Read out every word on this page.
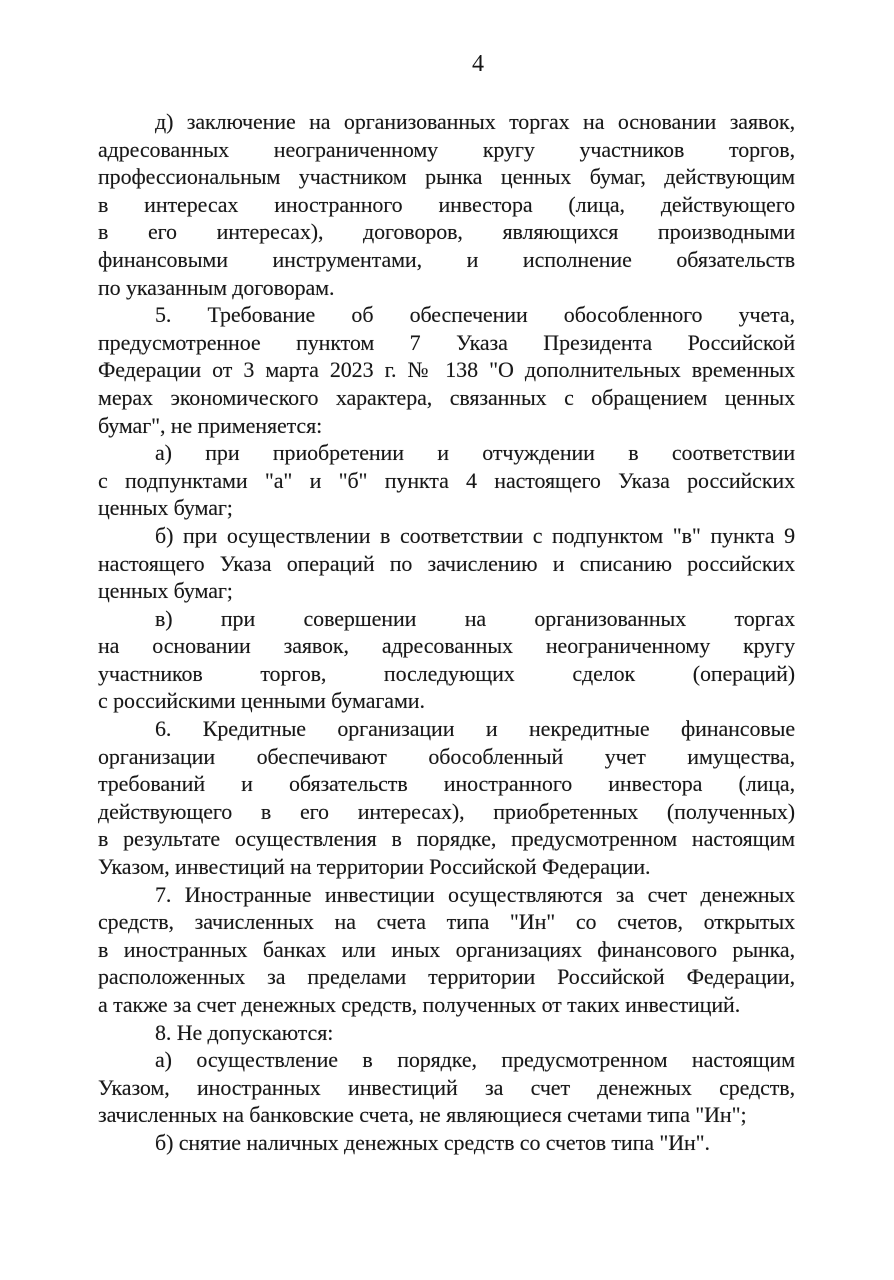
4
д) заключение на организованных торгах на основании заявок,
адресованных неограниченному кругу участников торгов,
профессиональным участником рынка ценных бумаг, действующим
в интересах иностранного инвестора (лица, действующего
в его интересах), договоров, являющихся производными
финансовыми инструментами, и исполнение обязательств
по указанным договорам.
5. Требование об обеспечении обособленного учета,
предусмотренное пунктом 7 Указа Президента Российской
Федерации от 3 марта 2023 г. № 138 "О дополнительных временных
мерах экономического характера, связанных с обращением ценных
бумаг", не применяется:
а) при приобретении и отчуждении в соответствии
с подпунктами "а" и "б" пункта 4 настоящего Указа российских
ценных бумаг;
б) при осуществлении в соответствии с подпунктом "в" пункта 9
настоящего Указа операций по зачислению и списанию российских
ценных бумаг;
в) при совершении на организованных торгах
на основании заявок, адресованных неограниченному кругу
участников торгов, последующих сделок (операций)
с российскими ценными бумагами.
6. Кредитные организации и некредитные финансовые
организации обеспечивают обособленный учет имущества,
требований и обязательств иностранного инвестора (лица,
действующего в его интересах), приобретенных (полученных)
в результате осуществления в порядке, предусмотренном настоящим
Указом, инвестиций на территории Российской Федерации.
7. Иностранные инвестиции осуществляются за счет денежных
средств, зачисленных на счета типа "Ин" со счетов, открытых
в иностранных банках или иных организациях финансового рынка,
расположенных за пределами территории Российской Федерации,
а также за счет денежных средств, полученных от таких инвестиций.
8. Не допускаются:
а) осуществление в порядке, предусмотренном настоящим
Указом, иностранных инвестиций за счет денежных средств,
зачисленных на банковские счета, не являющиеся счетами типа "Ин";
б) снятие наличных денежных средств со счетов типа "Ин".
